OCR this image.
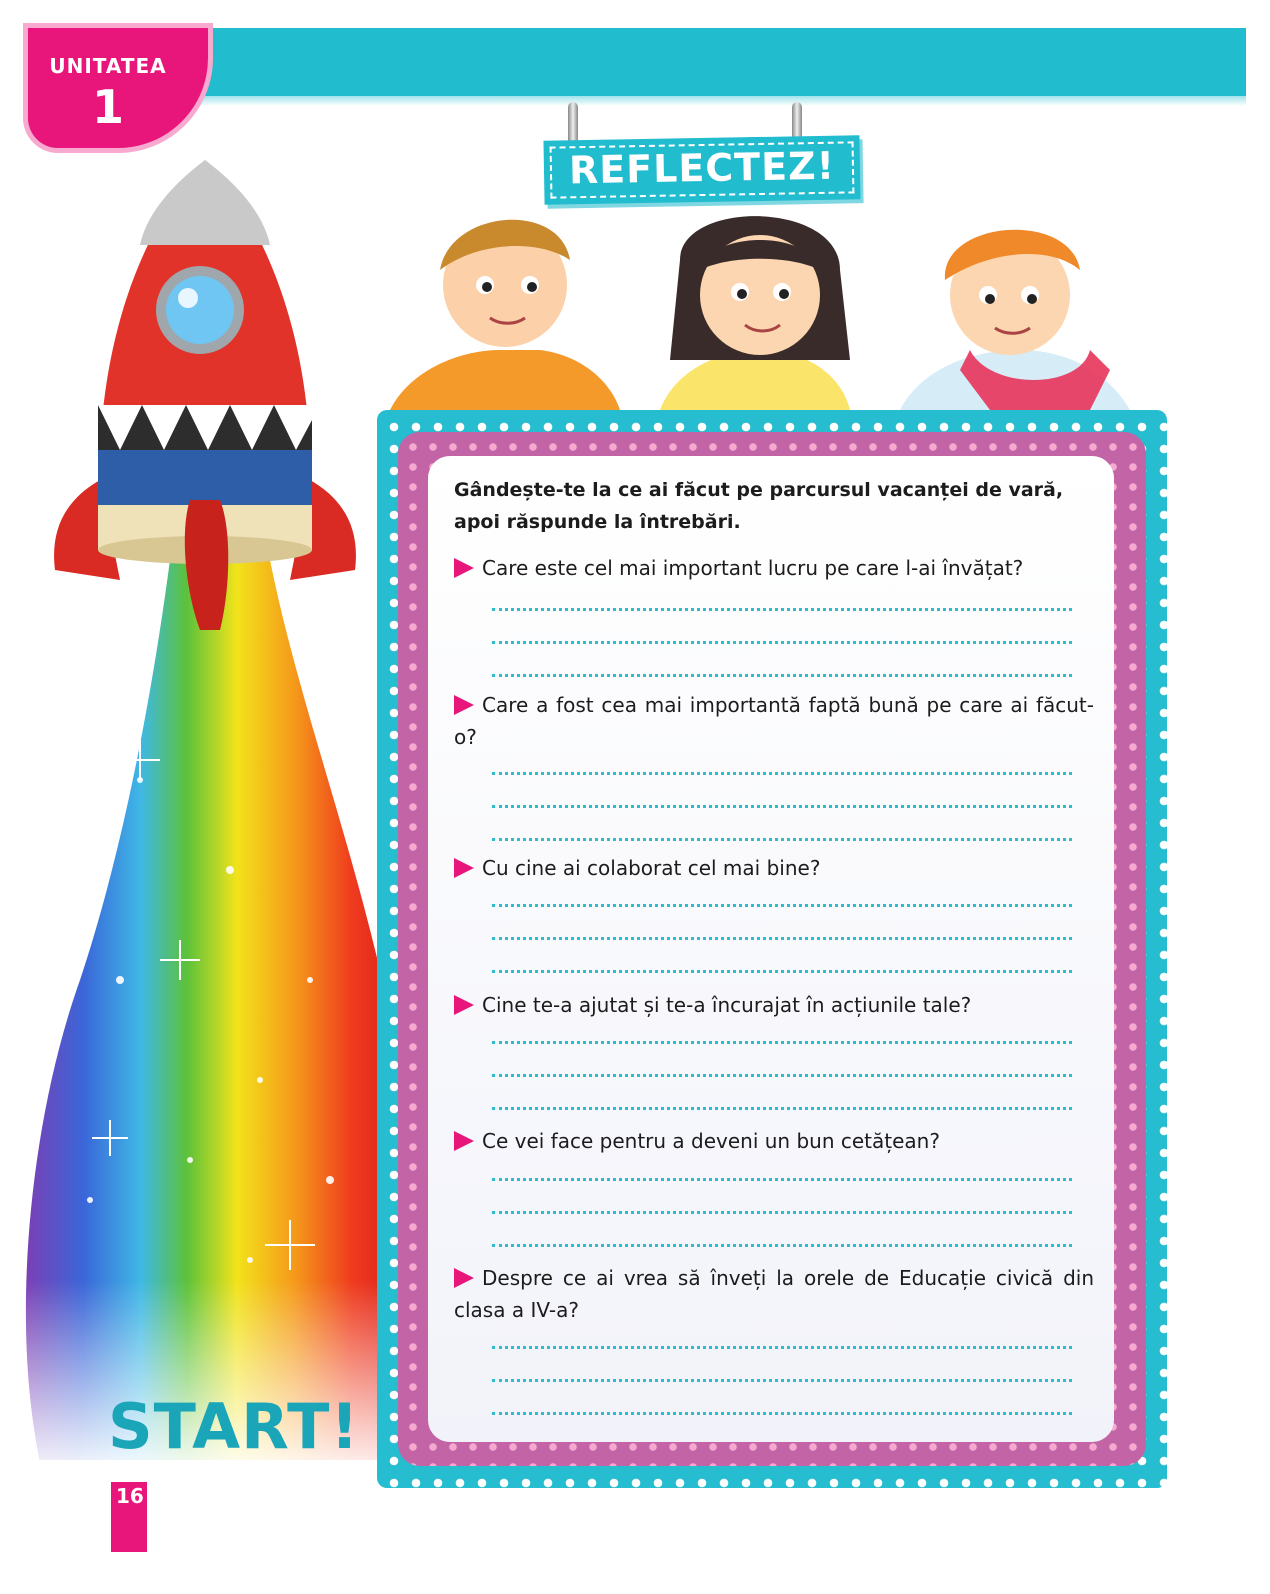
UNITATEA
1
REFLECTEZ!
START!
Gândește-te la ce ai făcut pe parcursul vacanței de vară, apoi răspunde la întrebări.
Care este cel mai important lucru pe care l-ai învățat?
Care a fost cea mai importantă faptă bună pe care ai făcut-o?
Cu cine ai colaborat cel mai bine?
Cine te-a ajutat și te-a încurajat în acțiunile tale?
Ce vei face pentru a deveni un bun cetățean?
Despre ce ai vrea să înveți la orele de Educație civică din clasa a IV-a?
16
